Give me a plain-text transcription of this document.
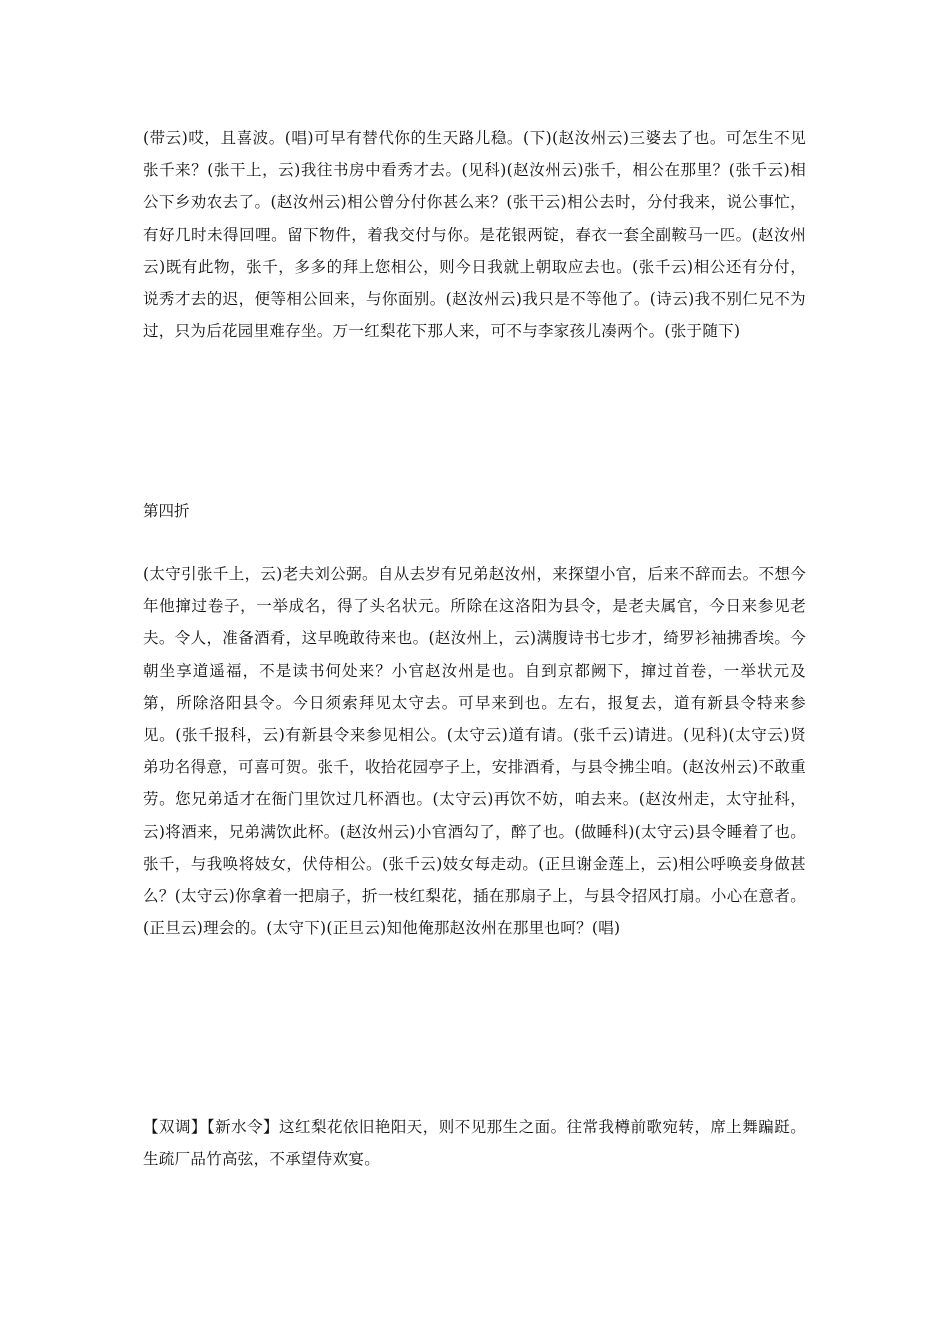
(带云)哎，且喜波。(唱)可早有替代你的生天路儿稳。(下)(赵汝州云)三婆去了也。可怎生不见张千来？(张干上，云)我往书房中看秀才去。(见科)(赵汝州云)张千，相公在那里？(张千云)相公下乡劝农去了。(赵汝州云)相公曾分付你甚么来？(张干云)相公去时，分付我来，说公事忙，有好几时未得回哩。留下物件，着我交付与你。是花银两锭，春衣一套全副鞍马一匹。(赵汝州云)既有此物，张千，多多的拜上您相公，则今日我就上朝取应去也。(张千云)相公还有分付，说秀才去的迟，便等相公回来，与你面别。(赵汝州云)我只是不等他了。(诗云)我不别仁兄不为过，只为后花园里难存坐。万一红梨花下那人来，可不与李家孩儿凑两个。(张于随下)

第四折

(太守引张千上，云)老夫刘公弼。自从去岁有兄弟赵汝州，来探望小官，后来不辞而去。不想今年他撺过卷子，一举成名，得了头名状元。所除在这洛阳为县令，是老夫属官，今日来参见老夫。令人，准备酒肴，这早晚敢待来也。(赵汝州上，云)满腹诗书七步才，绮罗衫袖拂香埃。今朝坐享道遥福，不是读书何处来？小官赵汝州是也。自到京都阙下，撺过首卷，一举状元及第，所除洛阳县令。今日须索拜见太守去。可早来到也。左右，报复去，道有新县令特来参见。(张千报科，云)有新县令来参见相公。(太守云)道有请。(张千云)请进。(见科)(太守云)贤弟功名得意，可喜可贺。张千，收拾花园亭子上，安排酒肴，与县令拂尘咱。(赵汝州云)不敢重劳。您兄弟适才在衙门里饮过几杯酒也。(太守云)再饮不妨，咱去来。(赵汝州走，太守扯科，云)将酒来，兄弟满饮此杯。(赵汝州云)小官酒勾了，醉了也。(做睡科)(太守云)县令睡着了也。张千，与我唤将妓女，伏侍相公。(张千云)妓女每走动。(正旦谢金莲上，云)相公呼唤妾身做甚么？(太守云)你拿着一把扇子，折一枝红梨花，插在那扇子上，与县令招风打扇。小心在意者。(正旦云)理会的。(太守下)(正旦云)知他俺那赵汝州在那里也呵？(唱)

【双调】【新水令】这红梨花依旧艳阳天，则不见那生之面。往常我樽前歌宛转，席上舞蹁跹。生疏厂品竹高弦，不承望侍欢宴。
